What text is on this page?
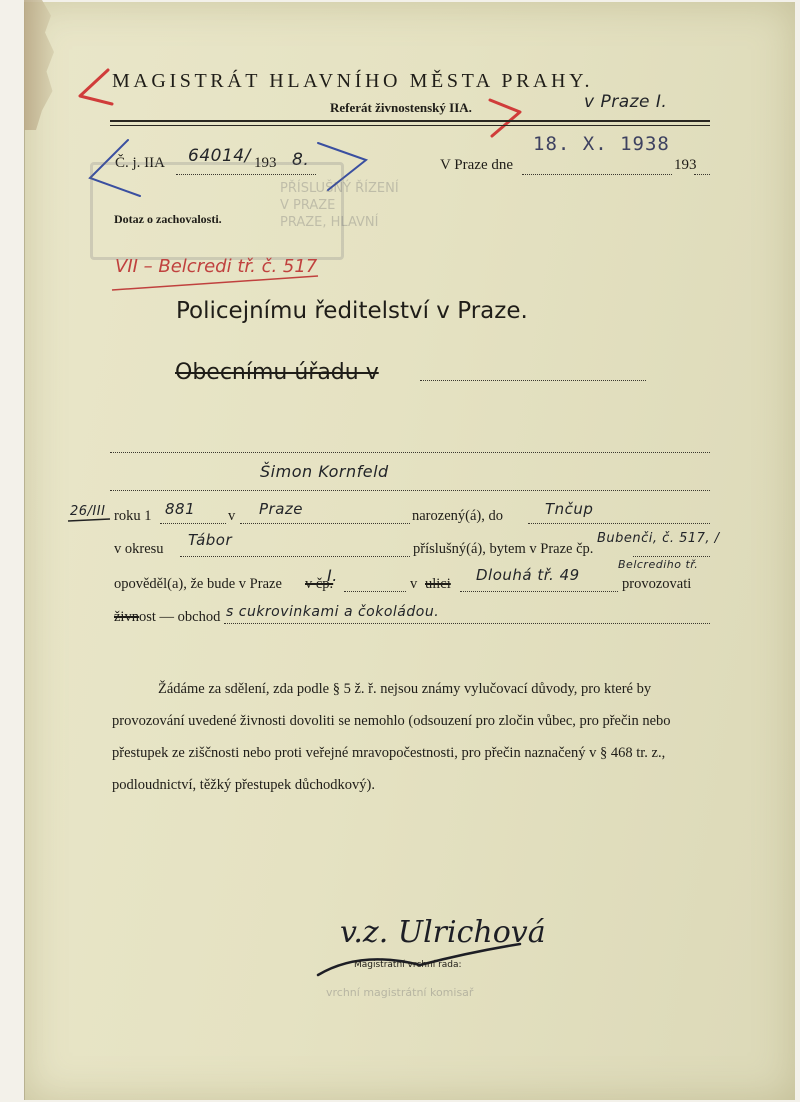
MAGISTRÁT HLAVNÍHO MĚSTA PRAHY.
Referát živnostenský IIA.	v Praze I.
18. X. 1938
Č. j. IIA 64014/ 193 8.	V Praze dne	193
PŘÍSLUŠNÝ ŘÍZENÍ
V PRAZE
PRAZE, HLAVNÍ
Dotaz o zachovalosti.
VII – Belcredi tř. č. 517
Policejnímu ředitelství v Praze.
Obecnímu úřadu v
Šimon Kornfeld
26/III roku 1 881 v Praze	narozený(á), do	Tnčup
v okresu Tábor	příslušný(á), bytem v Praze čp.
Bubenči, č. 517, /
opověděl(a), že bude v Praze v čp.
I.	v ulici Dlouhá tř. 49
Belcrediho tř.
provozovati
živnost — obchod s cukrovinkami a čokoládou.
Žádáme za sdělení, zda podle § 5 ž. ř. nejsou známy vylučovací důvody, pro které by
provozování uvedené živnosti dovoliti se nemohlo (odsouzení pro zločin vůbec, pro přečin nebo
přestupek ze ziščnosti nebo proti veřejné mravopočestnosti, pro přečin naznačený v § 468 tr. z.,
podloudnictví, těžký přestupek důchodkový).
v.z. Ulrichová
Magistrátní vrchní rada:
vrchní magistrátní komisař
